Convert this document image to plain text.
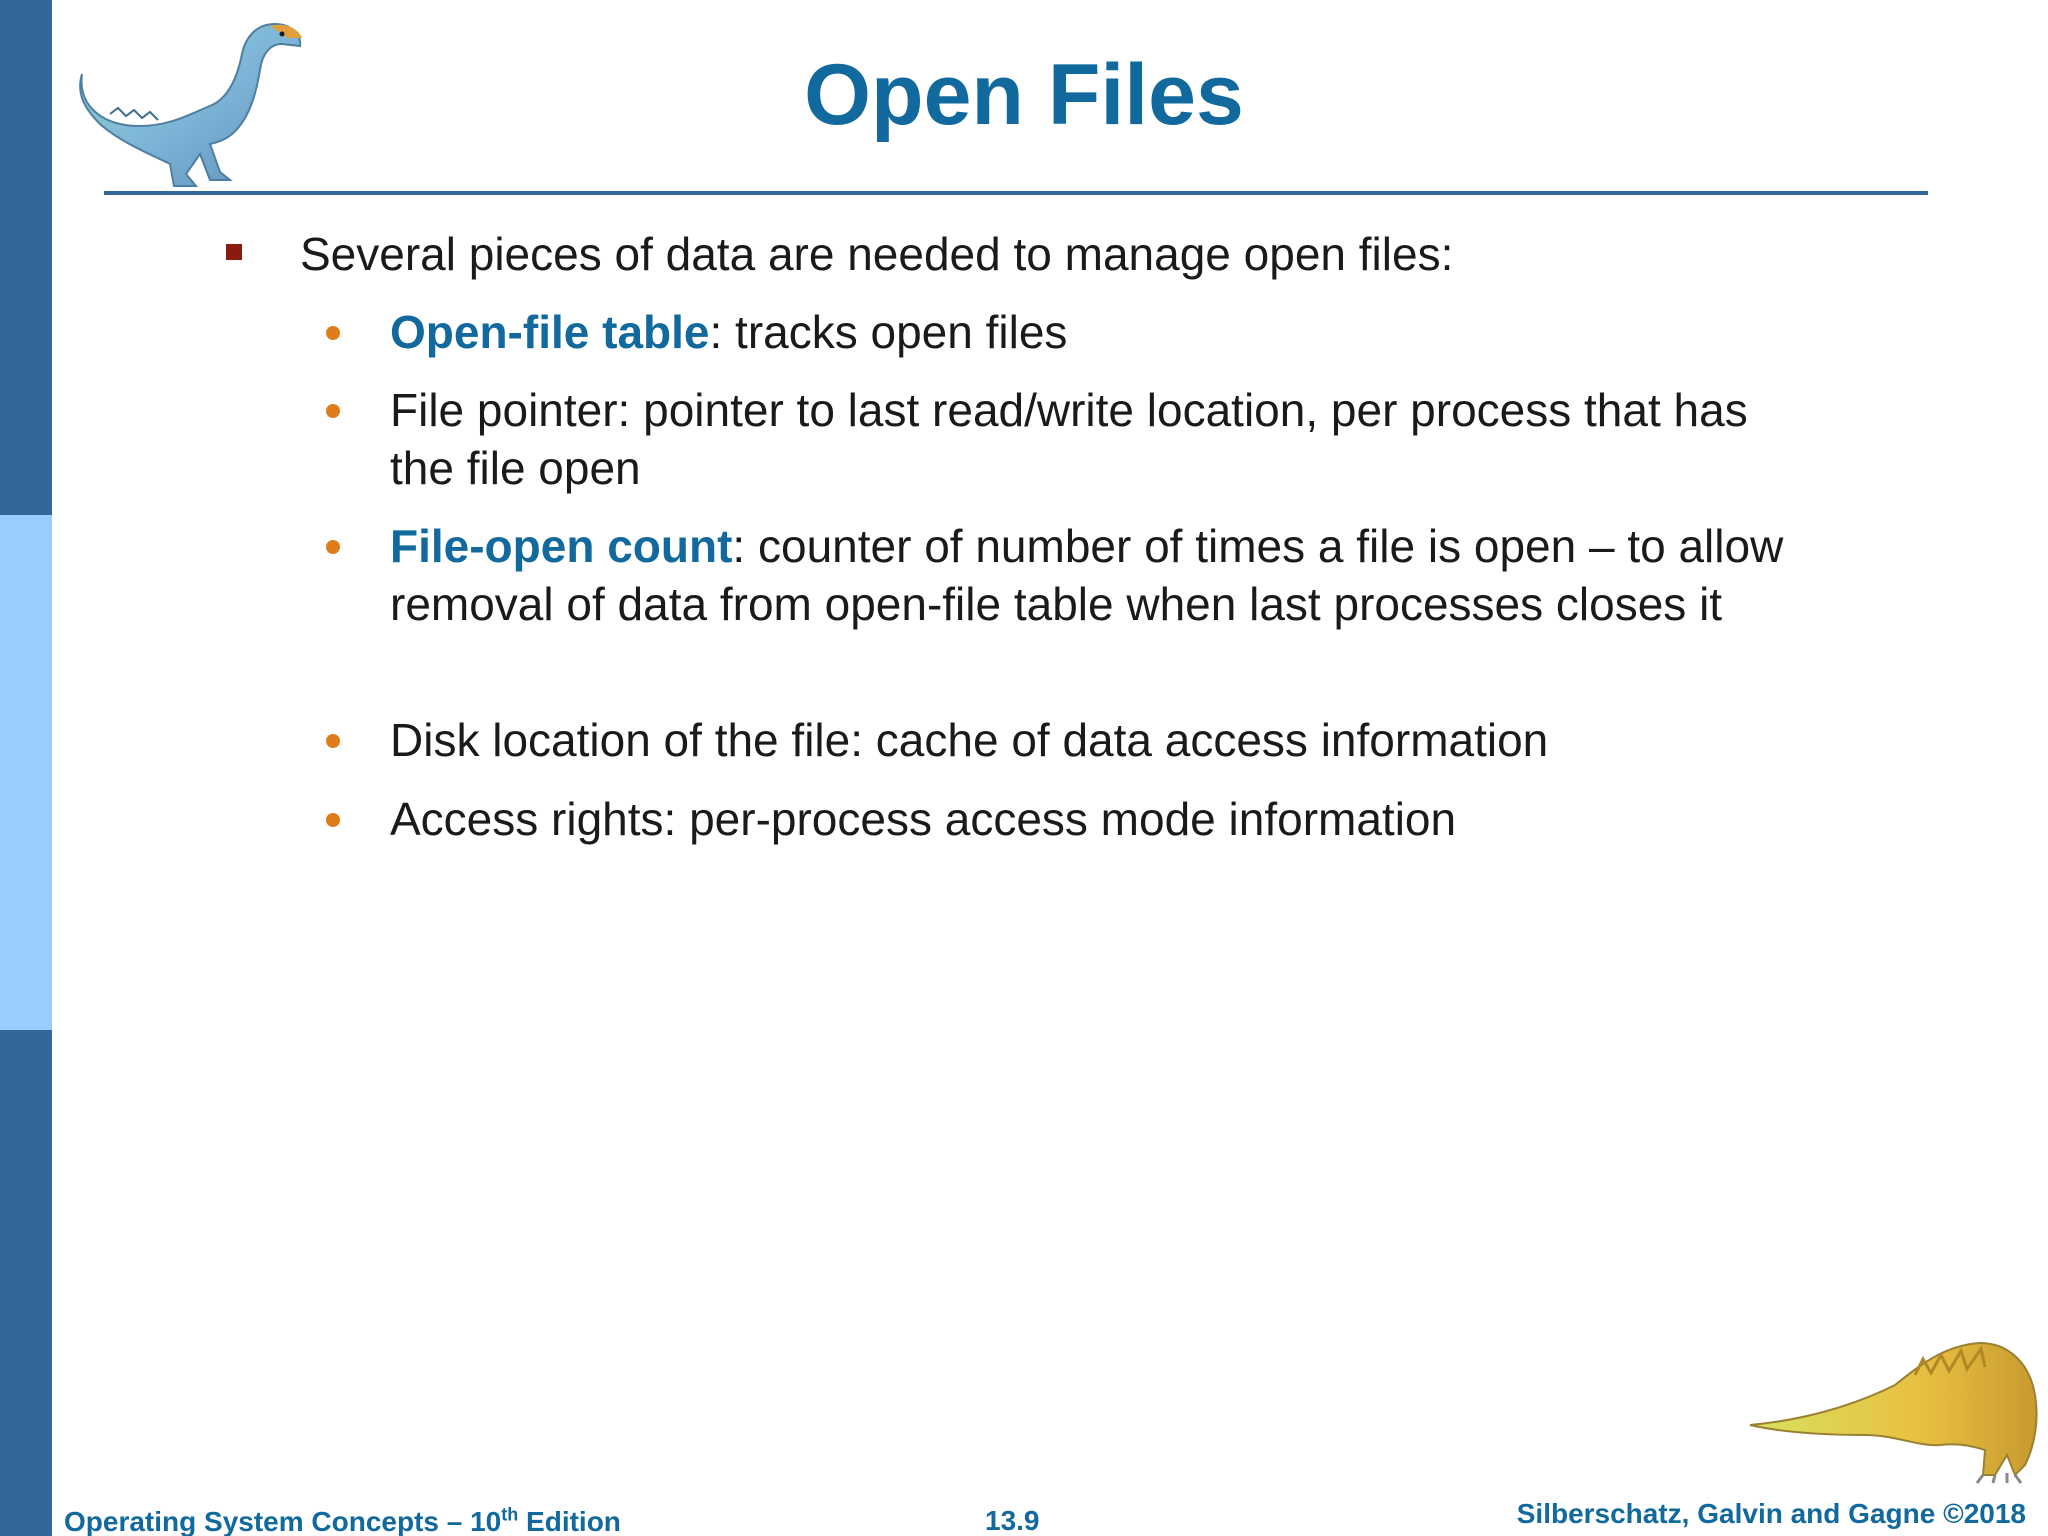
Open Files
Several pieces of data are needed to manage open files:
Open-file table: tracks open files
File pointer: pointer to last read/write location, per process that has the file open
File-open count: counter of number of times a file is open – to allow removal of data from open-file table when last processes closes it
Disk location of the file: cache of data access information
Access rights: per-process access mode information
Operating System Concepts – 10th Edition	13.9	Silberschatz, Galvin and Gagne ©2018
